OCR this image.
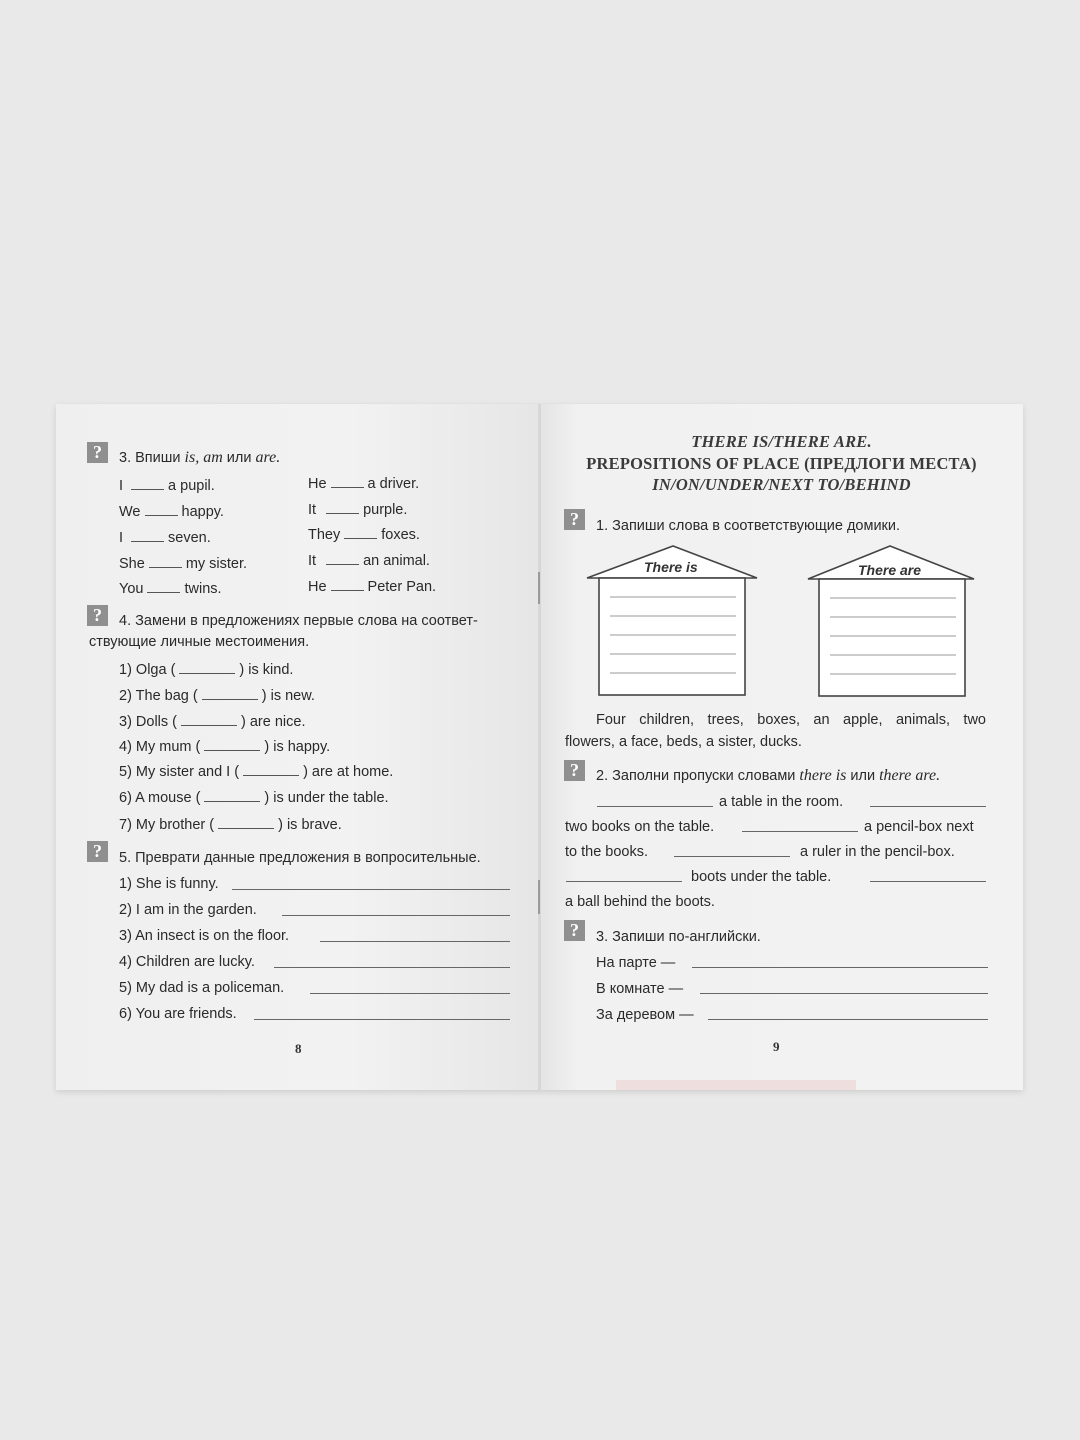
?	3. Впиши is, am или are.
I	a pupil.
We	happy.
I	seven.
She	my sister.
You	twins.
He	a driver.
It	purple.
They	foxes.
It	an animal.
He	Peter Pan.
?	4. Замени в предложениях первые слова на соответ-
ствующие личные местоимения.
1) Olga (	) is kind.
2) The bag (	) is new.
3) Dolls (	) are nice.
4) My mum (	) is happy.
5) My sister and I (	) are at home.
6) A mouse (	) is under the table.
7) My brother (	) is brave.
?	5. Преврати данные предложения в вопросительные.
1) She is funny.
2) I am in the garden.
3) An insect is on the floor.
4) Children are lucky.
5) My dad is a policeman.
6) You are friends.
8
THERE IS/THERE ARE.
PREPOSITIONS OF PLACE (ПРЕДЛОГИ МЕСТА)
IN/ON/UNDER/NEXT TO/BEHIND
?	1. Запиши слова в соответствующие домики.
There is	There are
Four children, trees, boxes, an apple, animals, two
flowers, a face, beds, a sister, ducks.
?	2. Заполни пропуски словами there is или there are.
a table in the room.
two books on the table.	a pencil-box next
to the books.	a ruler in the pencil-box.
boots under the table.
a ball behind the boots.
?	3. Запиши по-английски.
На парте —
В комнате —
За деревом —
9
